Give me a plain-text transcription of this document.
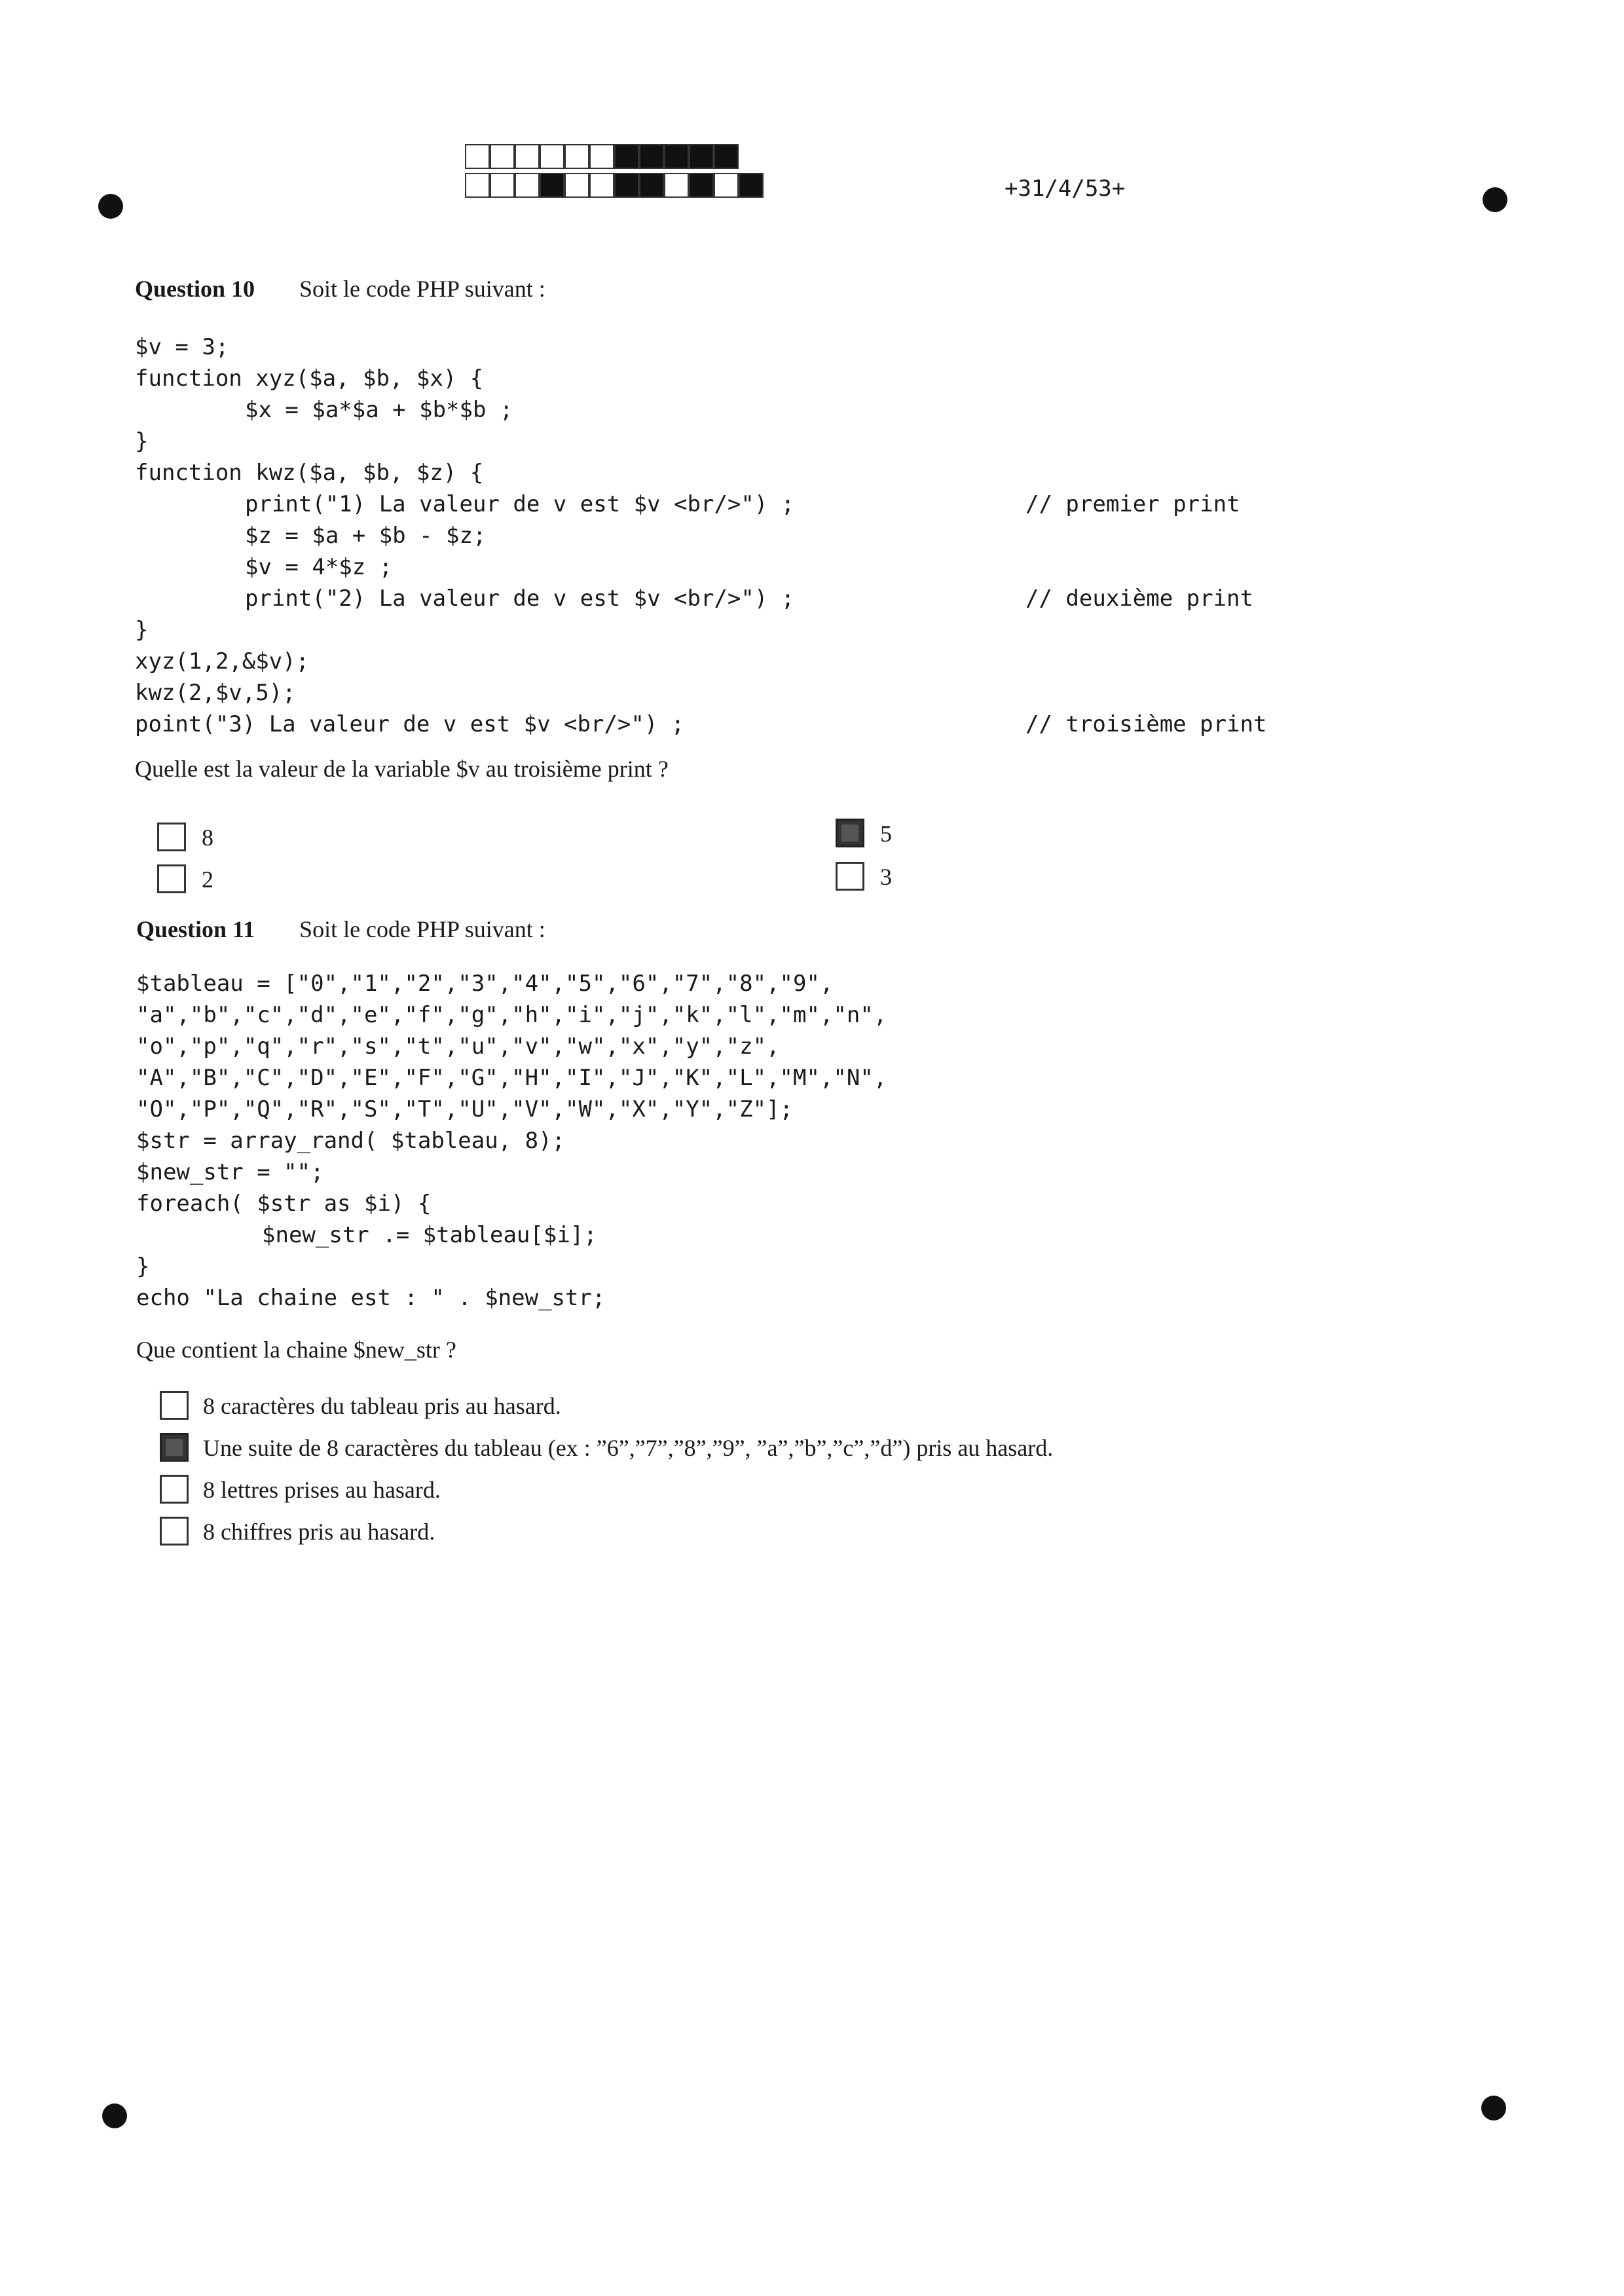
+31/4/53+
Question 10 Soit le code PHP suivant :
$v = 3;
function xyz($a, $b, $x) {
$x = $a*$a + $b*$b ;
}
function kwz($a, $b, $z) {
print("1) La valeur de v est $v <br/>") ;	// premier print
$z = $a + $b - $z;
$v = 4*$z ;
print("2) La valeur de v est $v <br/>") ;	// deuxième print
}
xyz(1,2,&$v);
kwz(2,$v,5);
point("3) La valeur de v est $v <br/>") ;	// troisième print
Quelle est la valeur de la variable $v au troisième print ?
8	5
2	3
Question 11 Soit le code PHP suivant :
$tableau = ["0","1","2","3","4","5","6","7","8","9",
"a","b","c","d","e","f","g","h","i","j","k","l","m","n",
"o","p","q","r","s","t","u","v","w","x","y","z",
"A","B","C","D","E","F","G","H","I","J","K","L","M","N",
"O","P","Q","R","S","T","U","V","W","X","Y","Z"];
$str = array_rand( $tableau, 8);
$new_str = "";
foreach( $str as $i) {
$new_str .= $tableau[$i];
}
echo "La chaine est : " . $new_str;
Que contient la chaine $new_str ?
8 caractères du tableau pris au hasard.
Une suite de 8 caractères du tableau (ex : ”6”,”7”,”8”,”9”, ”a”,”b”,”c”,”d”) pris au hasard.
8 lettres prises au hasard.
8 chiffres pris au hasard.
